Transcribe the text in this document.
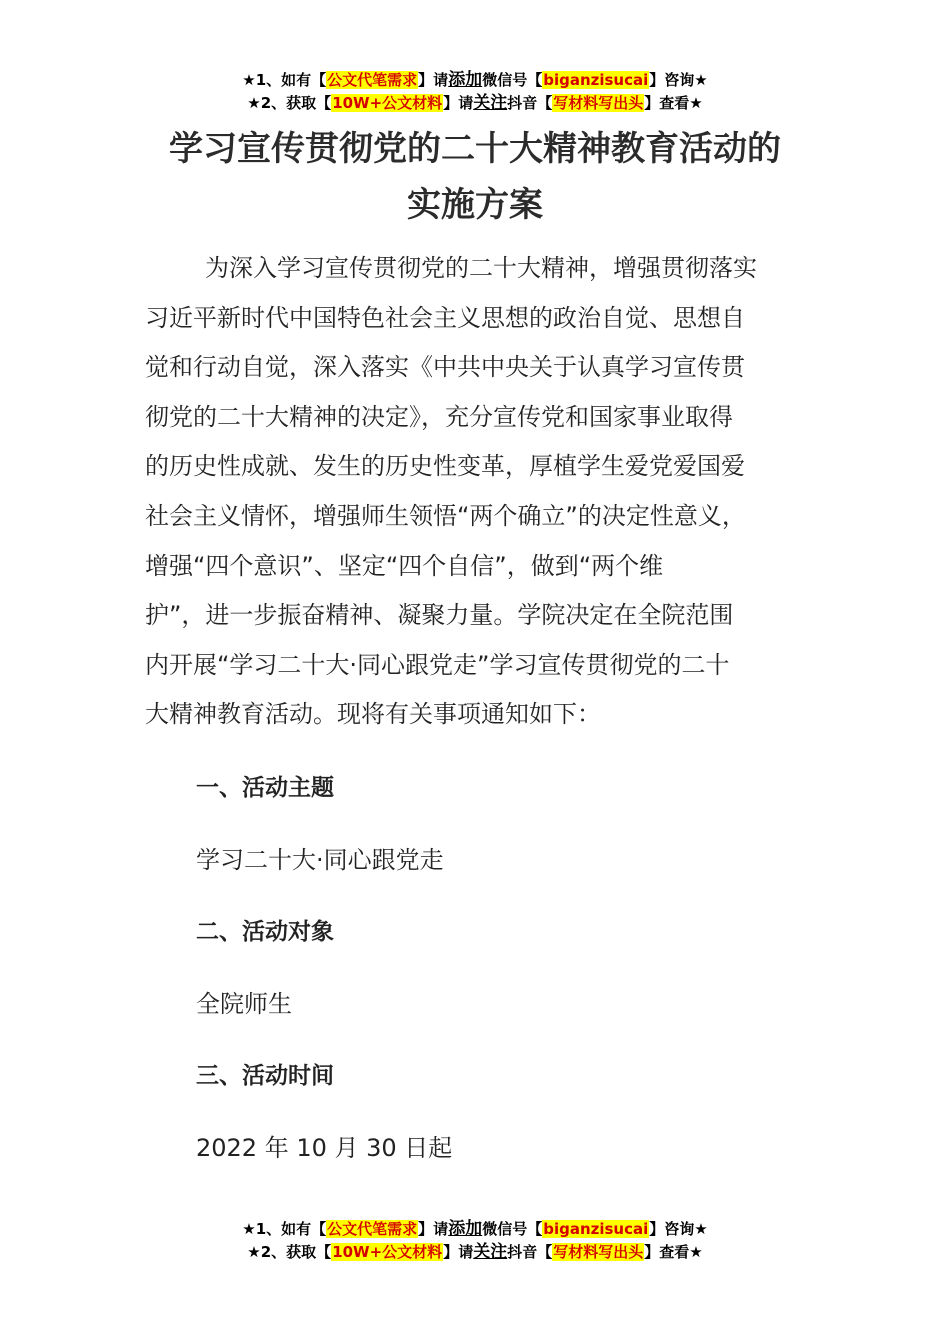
★1、如有【公文代笔需求】请添加微信号【biganzisucai】咨询★
★2、获取【10W+公文材料】请关注抖音【写材料写出头】查看★
学习宣传贯彻党的二十大精神教育活动的
实施方案
为深入学习宣传贯彻党的二十大精神，增强贯彻落实
习近平新时代中国特色社会主义思想的政治自觉、思想自
觉和行动自觉，深入落实《中共中央关于认真学习宣传贯
彻党的二十大精神的决定》，充分宣传党和国家事业取得
的历史性成就、发生的历史性变革，厚植学生爱党爱国爱
社会主义情怀，增强师生领悟“两个确立”的决定性意义，
增强“四个意识”、坚定“四个自信”，做到“两个维
护”，进一步振奋精神、凝聚力量。学院决定在全院范围
内开展“学习二十大·同心跟党走”学习宣传贯彻党的二十
大精神教育活动。现将有关事项通知如下：
一、活动主题
学习二十大·同心跟党走
二、活动对象
全院师生
三、活动时间
2022 年 10 月 30 日起
★1、如有【公文代笔需求】请添加微信号【biganzisucai】咨询★
★2、获取【10W+公文材料】请关注抖音【写材料写出头】查看★
